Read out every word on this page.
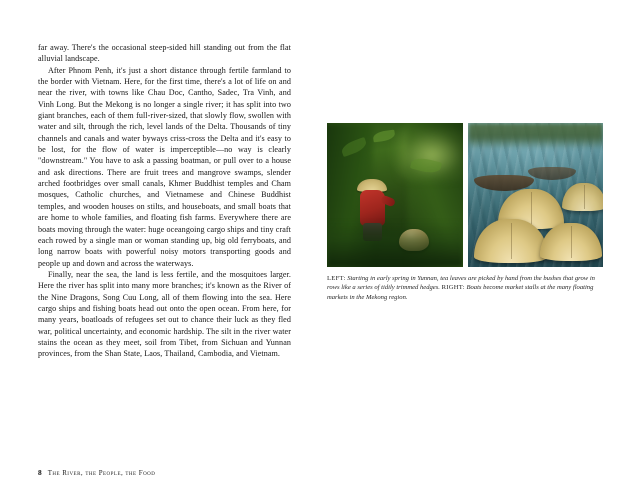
far away. There's the occasional steep-sided hill standing out from the flat alluvial landscape.

After Phnom Penh, it's just a short distance through fertile farmland to the border with Vietnam. Here, for the first time, there's a lot of life on and near the river, with towns like Chau Doc, Cantho, Sadec, Tra Vinh, and Vinh Long. But the Mekong is no longer a single river; it has split into two giant branches, each of them full-river-sized, that slowly flow, swollen with water and silt, through the rich, level lands of the Delta. Thousands of tiny channels and canals and water byways criss-cross the Delta and it's easy to be lost, for the flow of water is imperceptible—no way is clearly "downstream." You have to ask a passing boatman, or pull over to a house and ask directions. There are fruit trees and mangrove swamps, slender arched footbridges over small canals, Khmer Buddhist temples and Cham mosques, Catholic churches, and Vietnamese and Chinese Buddhist temples, and wooden houses on stilts, and houseboats, and small boats that are home to whole families, and floating fish farms. Everywhere there are boats moving through the water: huge oceangoing cargo ships and tiny craft each rowed by a single man or woman standing up, big old ferryboats, and long narrow boats with powerful noisy motors transporting goods and people up and down and across the waterways.

Finally, near the sea, the land is less fertile, and the mosquitoes larger. Here the river has split into many more branches; it's known as the River of the Nine Dragons, Song Cuu Long, all of them flowing into the sea. Here cargo ships and fishing boats head out onto the open ocean. From here, for many years, boatloads of refugees set out to chance their luck as they fled war, political uncertainty, and economic hardship. The silt in the river water stains the ocean as they meet, soil from Tibet, from Sichuan and Yunnan provinces, from the Shan State, Laos, Thailand, Cambodia, and Vietnam.

LEFT: Starting in early spring in Yunnan, tea leaves are picked by hand from the bushes that grow in rows like a series of tidily trimmed hedges. RIGHT: Boats become market stalls at the many floating markets in the Mekong region.
8 The River, the People, the Food
